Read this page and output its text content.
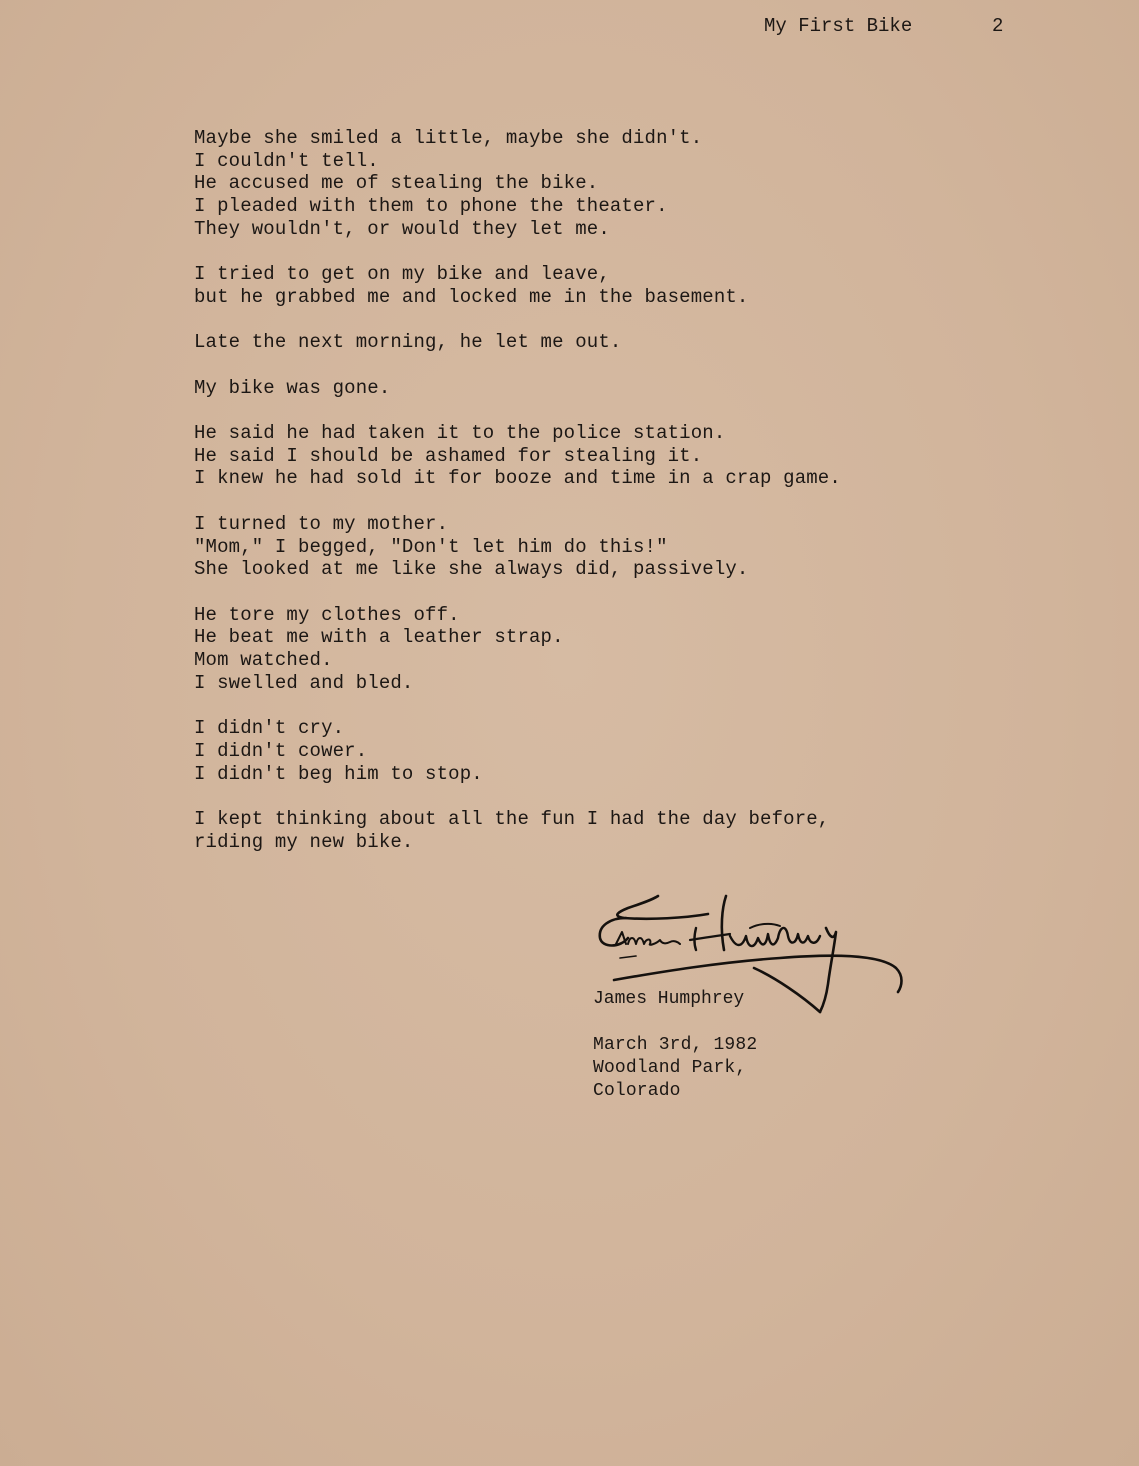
My First Bike	2
Maybe she smiled a little, maybe she didn't.
I couldn't tell.
He accused me of stealing the bike.
I pleaded with them to phone the theater.
They wouldn't, or would they let me.
I tried to get on my bike and leave,
but he grabbed me and locked me in the basement.
Late the next morning, he let me out.
My bike was gone.
He said he had taken it to the police station.
He said I should be ashamed for stealing it.
I knew he had sold it for booze and time in a crap game.
I turned to my mother.
"Mom," I begged, "Don't let him do this!"
She looked at me like she always did, passively.
He tore my clothes off.
He beat me with a leather strap.
Mom watched.
I swelled and bled.
I didn't cry.
I didn't cower.
I didn't beg him to stop.
I kept thinking about all the fun I had the day before,
riding my new bike.
James Humphrey
March 3rd, 1982
Woodland Park,
Colorado
